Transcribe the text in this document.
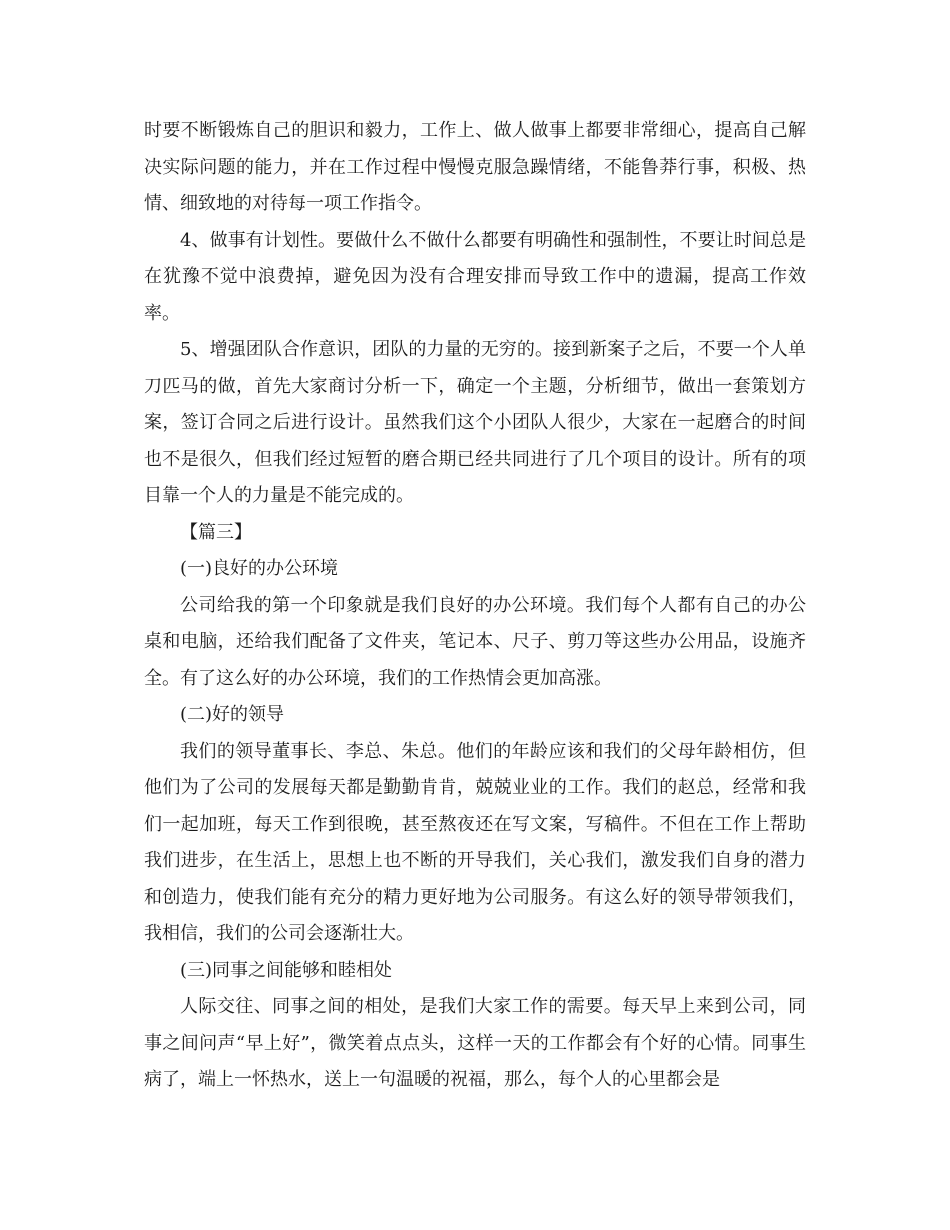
时要不断锻炼自己的胆识和毅力，工作上、做人做事上都要非常细心，提高自己解决实际问题的能力，并在工作过程中慢慢克服急躁情绪，不能鲁莽行事，积极、热情、细致地的对待每一项工作指令。

4、做事有计划性。要做什么不做什么都要有明确性和强制性，不要让时间总是在犹豫不觉中浪费掉，避免因为没有合理安排而导致工作中的遗漏，提高工作效率。

5、增强团队合作意识，团队的力量的无穷的。接到新案子之后，不要一个人单刀匹马的做，首先大家商讨分析一下，确定一个主题，分析细节，做出一套策划方案，签订合同之后进行设计。虽然我们这个小团队人很少，大家在一起磨合的时间也不是很久，但我们经过短暂的磨合期已经共同进行了几个项目的设计。所有的项目靠一个人的力量是不能完成的。

【篇三】

(一)良好的办公环境

公司给我的第一个印象就是我们良好的办公环境。我们每个人都有自己的办公桌和电脑，还给我们配备了文件夹，笔记本、尺子、剪刀等这些办公用品，设施齐全。有了这么好的办公环境，我们的工作热情会更加高涨。

(二)好的领导

我们的领导董事长、李总、朱总。他们的年龄应该和我们的父母年龄相仿，但他们为了公司的发展每天都是勤勤肯肯，兢兢业业的工作。我们的赵总，经常和我们一起加班，每天工作到很晚，甚至熬夜还在写文案，写稿件。不但在工作上帮助我们进步，在生活上，思想上也不断的开导我们，关心我们，激发我们自身的潜力和创造力，使我们能有充分的精力更好地为公司服务。有这么好的领导带领我们，我相信，我们的公司会逐渐壮大。

(三)同事之间能够和睦相处

人际交往、同事之间的相处，是我们大家工作的需要。每天早上来到公司，同事之间问声“早上好”，微笑着点点头，这样一天的工作都会有个好的心情。同事生病了，端上一怀热水，送上一句温暖的祝福，那么，每个人的心里都会是
